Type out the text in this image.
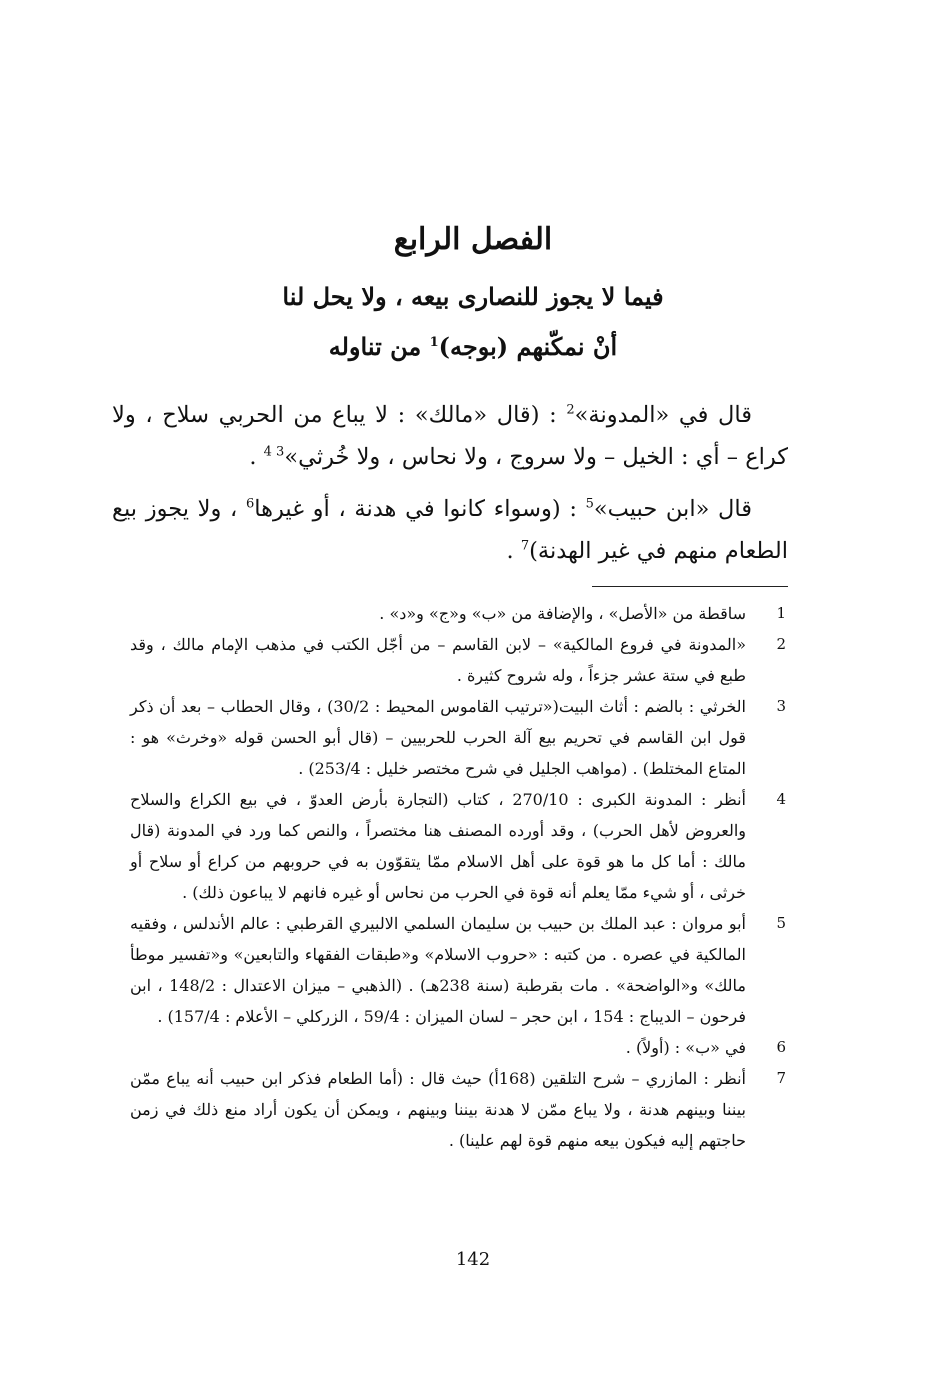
الفصل الرابع

فيما لا يجوز للنصارى بيعه ، ولا يحل لنا

أنْ نمكّنهم (بوجه)$^1$ من تناوله

قال في «المدونة»$^2$ : (قال «مالك» : لا يباع من الحربي سلاح ، ولا كراع – أي : الخيل – ولا سروج ، ولا نحاس ، ولا خُرثي»$^{3 4}$ .

قال «ابن حبيب»$^5$ : (وسواء كانوا في هدنة ، أو غيرها$^6$ ، ولا يجوز بيع الطعام منهم في غير الهدنة)$^7$ .

1
ساقطة من «الأصل» ، والإضافة من «ب» و«ج» و«د» .
2
«المدونة في فروع المالكية» – لابن القاسم – من أجّل الكتب في مذهب الإمام مالك ، وقد طبع في ستة عشر جزءاً ، وله شروح كثيرة .
3
الخرثي : بالضم : أثاث البيت(«ترتيب القاموس المحيط : 30/2) ، وقال الحطاب – بعد أن ذكر قول ابن القاسم في تحريم بيع آلة الحرب للحربيين – (قال أبو الحسن قوله «وخرث» هو : المتاع المختلط) . (مواهب الجليل في شرح مختصر خليل : 253/4) .
4
أنظر : المدونة الكبرى : 270/10 ، كتاب (التجارة بأرض العدوّ ، في بيع الكراع والسلاح والعروض لأهل الحرب) ، وقد أورده المصنف هنا مختصراً ، والنص كما ورد في المدونة (قال مالك : أما كل ما هو قوة على أهل الاسلام ممّا يتقوّون به في حروبهم من كراع أو سلاح أو خرثى ، أو شيء ممّا يعلم أنه قوة في الحرب من نحاس أو غيره فانهم لا يباعون ذلك) .
5
أبو مروان : عبد الملك بن حبيب بن سليمان السلمي الالبيري القرطبي : عالم الأندلس ، وفقيه المالكية في عصره . من كتبه : «حروب الاسلام» و«طبقات الفقهاء والتابعين» و«تفسير موطأ مالك» و«الواضحة» . مات بقرطبة (سنة 238هـ) . (الذهبي – ميزان الاعتدال : 148/2 ، ابن فرحون – الديباج : 154 ، ابن حجر – لسان الميزان : 59/4 ، الزركلي – الأعلام : 157/4) .
6
في «ب» : (أولاً) .
7
أنظر : المازري – شرح التلقين (168أ) حيث قال : (أما الطعام فذكر ابن حبيب أنه يباع ممّن بيننا وبينهم هدنة ، ولا يباع ممّن لا هدنة بيننا وبينهم ، ويمكن أن يكون أراد منع ذلك في زمن حاجتهم إليه فيكون بيعه منهم قوة لهم علينا) .
142
